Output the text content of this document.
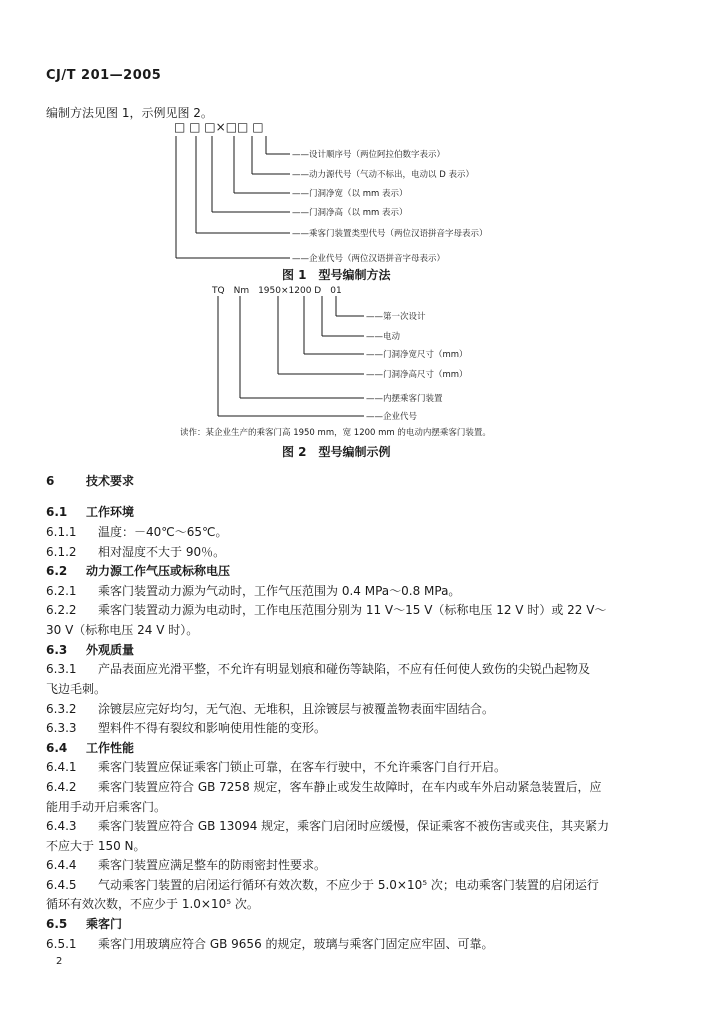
CJ/T 201—2005
编制方法见图 1，示例见图 2。
□ □ □×□□ □
——设计顺序号（两位阿拉伯数字表示）
——动力源代号（气动不标出，电动以 D 表示）
——门洞净宽（以 mm 表示）
——门洞净高（以 mm 表示）
——乘客门装置类型代号（两位汉语拼音字母表示）
——企业代号（两位汉语拼音字母表示）
TQ　Nm　1950×1200 D　01
——第一次设计
——电动
——门洞净宽尺寸（mm）
——门洞净高尺寸（mm）
——内摆乘客门装置
——企业代号
图 1　型号编制方法
读作：某企业生产的乘客门高 1950 mm，宽 1200 mm 的电动内摆乘客门装置。
图 2　型号编制示例
6	技术要求
6.1 工作环境
6.1.1 温度：－40℃～65℃。
6.1.2 相对湿度不大于 90％。
6.2 动力源工作气压或标称电压
6.2.1 乘客门装置动力源为气动时，工作气压范围为 0.4 MPa～0.8 MPa。
6.2.2 乘客门装置动力源为电动时，工作电压范围分别为 11 V～15 V（标称电压 12 V 时）或 22 V～
30 V（标称电压 24 V 时）。
6.3 外观质量
6.3.1 产品表面应光滑平整，不允许有明显划痕和碰伤等缺陷，不应有任何使人致伤的尖锐凸起物及
飞边毛刺。
6.3.2 涂镀层应完好均匀，无气泡、无堆积，且涂镀层与被覆盖物表面牢固结合。
6.3.3 塑料件不得有裂纹和影响使用性能的变形。
6.4 工作性能
6.4.1 乘客门装置应保证乘客门锁止可靠，在客车行驶中，不允许乘客门自行开启。
6.4.2 乘客门装置应符合 GB 7258 规定，客车静止或发生故障时，在车内或车外启动紧急装置后，应
能用手动开启乘客门。
6.4.3 乘客门装置应符合 GB 13094 规定，乘客门启闭时应缓慢，保证乘客不被伤害或夹住，其夹紧力
不应大于 150 N。
6.4.4 乘客门装置应满足整车的防雨密封性要求。
6.4.5 气动乘客门装置的启闭运行循环有效次数，不应少于 5.0×10⁵ 次；电动乘客门装置的启闭运行
循环有效次数，不应少于 1.0×10⁵ 次。
6.5 乘客门
6.5.1 乘客门用玻璃应符合 GB 9656 的规定，玻璃与乘客门固定应牢固、可靠。
2
